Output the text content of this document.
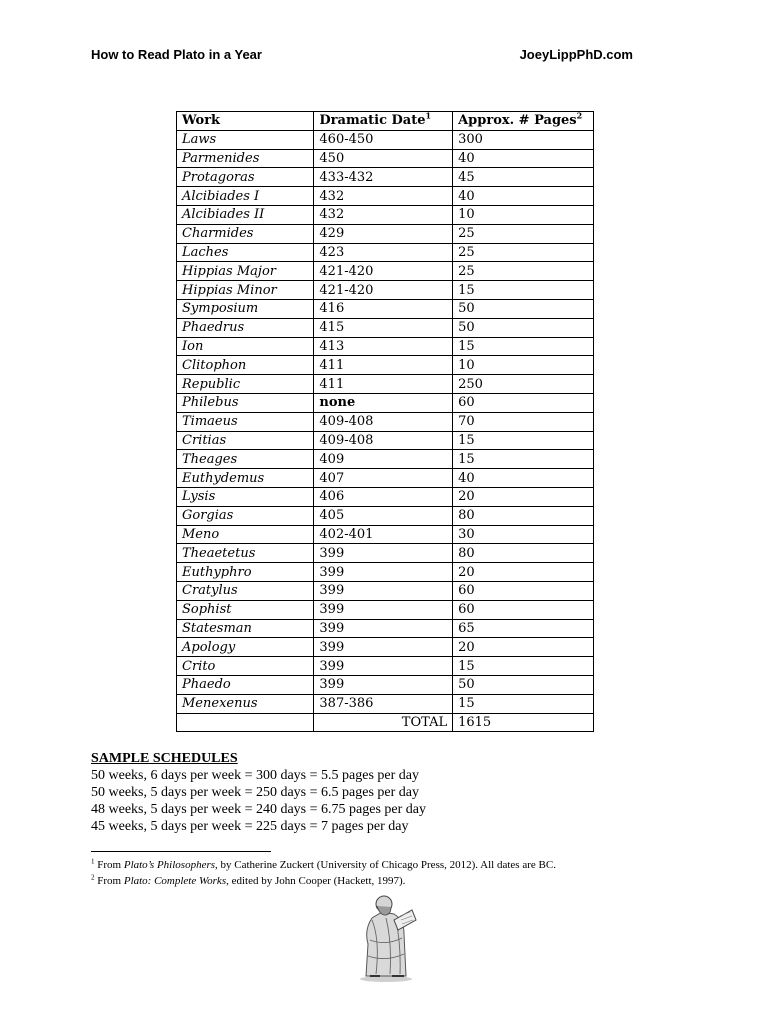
How to Read Plato in a Year	JoeyLippPhD.com
Work	Dramatic Date$^1$	Approx. # Pages$^2$
Laws	460-450	300
Parmenides	450	40
Protagoras	433-432	45
Alcibiades I	432	40
Alcibiades II	432	10
Charmides	429	25
Laches	423	25
Hippias Major	421-420	25
Hippias Minor	421-420	15
Symposium	416	50
Phaedrus	415	50
Ion	413	15
Clitophon	411	10
Republic	411	250
Philebus	none	60
Timaeus	409-408	70
Critias	409-408	15
Theages	409	15
Euthydemus	407	40
Lysis	406	20
Gorgias	405	80
Meno	402-401	30
Theaetetus	399	80
Euthyphro	399	20
Cratylus	399	60
Sophist	399	60
Statesman	399	65
Apology	399	20
Crito	399	15
Phaedo	399	50
Menexenus	387-386	15
	TOTAL	1615
SAMPLE SCHEDULES
50 weeks, 6 days per week = 300 days = 5.5 pages per day
50 weeks, 5 days per week = 250 days = 6.5 pages per day
48 weeks, 5 days per week = 240 days = 6.75 pages per day
45 weeks, 5 days per week = 225 days = 7 pages per day
$^1$ From Plato’s Philosophers, by Catherine Zuckert (University of Chicago Press, 2012). All dates are BC.
$^2$ From Plato: Complete Works, edited by John Cooper (Hackett, 1997).
